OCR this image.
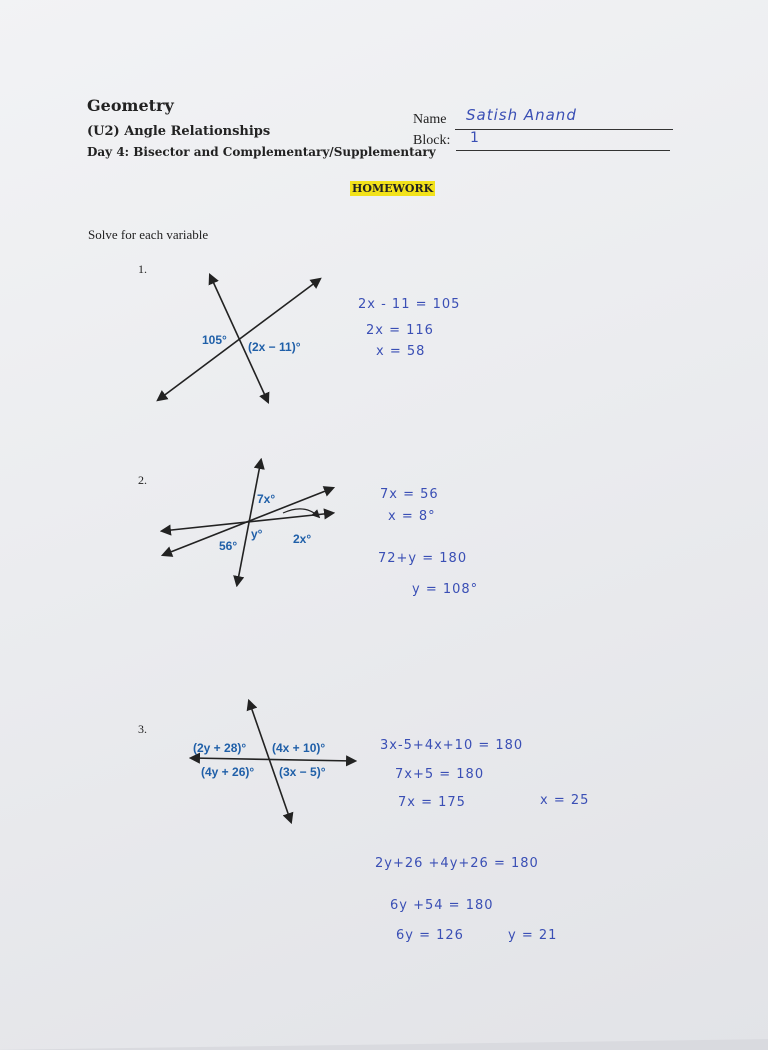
Geometry
(U2) Angle Relationships
Day 4: Bisector and Complementary/Supplementary
Name Satish Anand
Block: 1
HOMEWORK
Solve for each variable
1.
105° (2x − 11)°
2x - 11 = 105
2x = 116
x = 58
2.
7x°
y°
56°	2x°
7x = 56
x = 8°
72+y = 180
y = 108°
3.
(2y + 28)° (4x + 10)°
(4y + 26)° (3x − 5)°
3x-5+4x+10 = 180
7x+5 = 180
7x = 175	x = 25
2y+26 +4y+26 = 180
6y +54 = 180
6y = 126	y = 21
